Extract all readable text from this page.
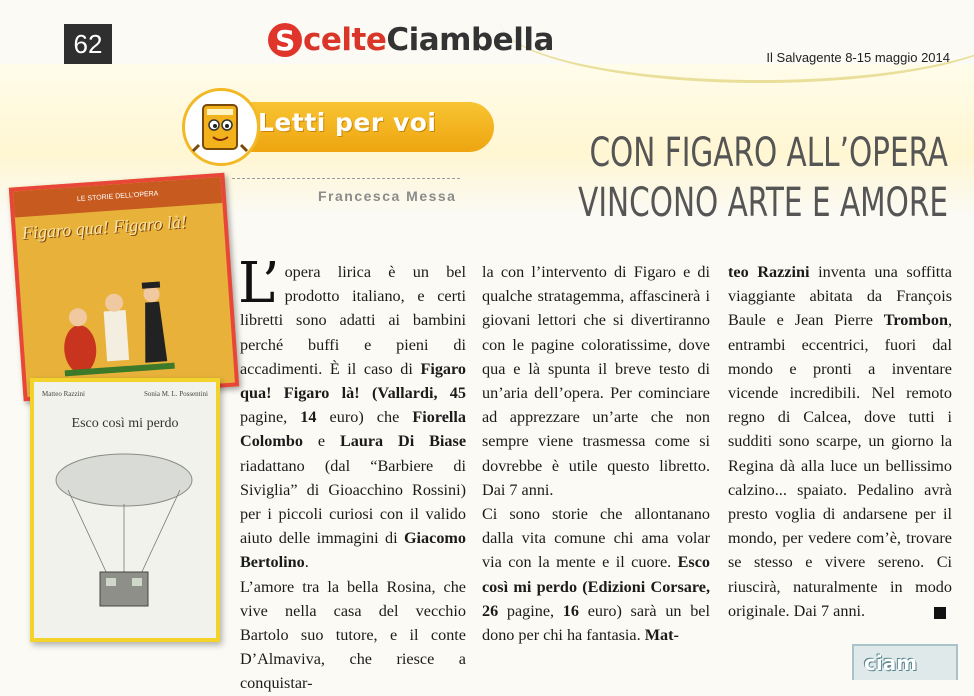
62	S celte Ciambella	Il Salvagente 8-15 maggio 2014
Letti per voi
Francesca Messa
CON FIGARO ALL’OPERA
VINCONO ARTE E AMORE
LE STORIE DELL’OPERA
Figaro qua! Figaro là!
Matteo Razzini	Sonia M. L. Possentini
Esco così mi perdo

L’ opera lirica è un bel prodotto italiano, e certi libretti sono adatti ai bambini perché buffi e pieni di accadimenti. È il caso di Figaro qua! Figaro là! (Vallardi, 45 pagine, 14 euro) che Fiorella Colombo e Laura Di Biase riadattano (dal “Barbiere di Siviglia” di Gioacchino Rossini) per i piccoli curiosi con il valido aiuto delle immagini di Giacomo Bertolino.

L’amore tra la bella Rosina, che vive nella casa del vecchio Bartolo suo tutore, e il conte D’Almaviva, che riesce a conquistar-

la con l’intervento di Figaro e di qualche stratagemma, affascinerà i giovani lettori che si divertiranno con le pagine coloratissime, dove qua e là spunta il breve testo di un’aria dell’opera. Per cominciare ad apprezzare un’arte che non sempre viene trasmessa come si dovrebbe è utile questo libretto. Dai 7 anni.

Ci sono storie che allontanano dalla vita comune chi ama volar via con la mente e il cuore. Esco così mi perdo (Edizioni Corsare, 26 pagine, 16 euro) sarà un bel dono per chi ha fantasia. Mat-

teo Razzini inventa una soffitta viaggiante abitata da François Baule e Jean Pierre Trombon, entrambi eccentrici, fuori dal mondo e pronti a inventare vicende incredibili. Nel remoto regno di Calcea, dove tutti i sudditi sono scarpe, un giorno la Regina dà alla luce un bellissimo calzino... spaiato. Pedalino avrà presto voglia di andarsene per il mondo, per vedere com’è, trovare se stesso e vivere sereno. Ci riuscirà, naturalmente in modo originale. Dai 7 anni.

ciam
